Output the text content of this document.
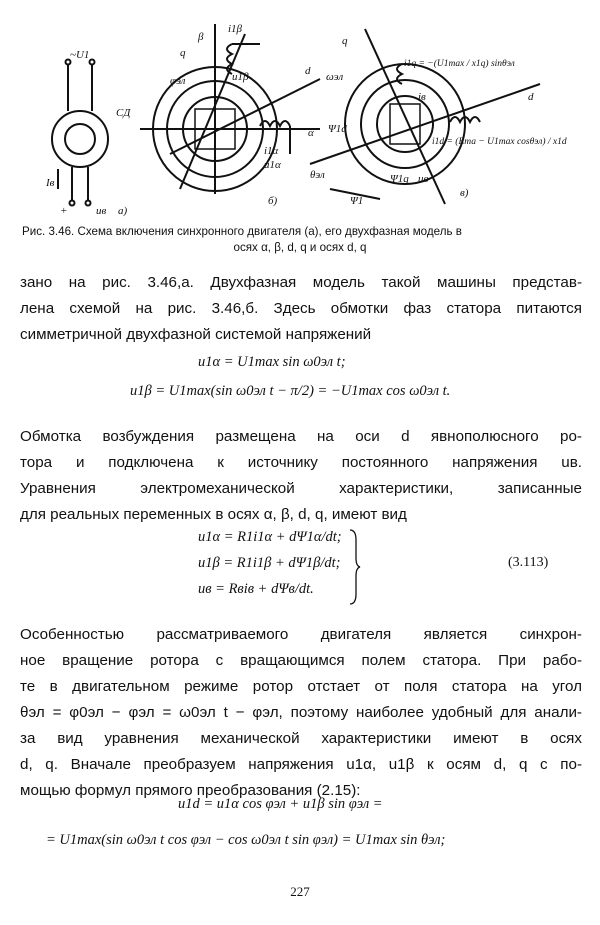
~U1
СД
Iв
+	uв а)
β
q
i1β
u1β
φэл
d
α
i1α
u1α
б)
q
ωэл
i1q = −(U1max / x1q) sinθэл
iв
Ψ1d
i1d = (Eта − U1max cosθэл) / x1d
θэл	Ψ1q
Ψ1
uв
d
в)
Рис. 3.46. Схема включения синхронного двигателя (а), его двухфазная модель в
осях α, β, d, q и осях d, q
зано на рис. 3.46,а. Двухфазная модель такой машины представ-
лена схемой на рис. 3.46,б. Здесь обмотки фаз статора питаются
симметричной двухфазной системой напряжений
u1α = U1max sin ω0эл t;
u1β = U1max(sin ω0эл t − π/2) = −U1max cos ω0эл t.
Обмотка возбуждения размещена на оси d явнополюсного ро-
тора и подключена к источнику постоянного напряжения uв.
Уравнения электромеханической характеристики, записанные
для реальных переменных в осях α, β, d, q, имеют вид
u1α = R1i1α + dΨ1α/dt;
u1β = R1i1β + dΨ1β/dt;
uв = Rвiв + dΨв/dt.
(3.113)
Особенностью рассматриваемого двигателя является синхрон-
ное вращение ротора с вращающимся полем статора. При рабо-
те в двигательном режиме ротор отстает от поля статора на угол
θэл = φ0эл − φэл = ω0эл t − φэл, поэтому наиболее удобный для анали-
за вид уравнения механической характеристики имеют в осях
d, q. Вначале преобразуем напряжения u1α, u1β к осям d, q с по-
мощью формул прямого преобразования (2.15):
u1d = u1α cos φэл + u1β sin φэл =
= U1max(sin ω0эл t cos φэл − cos ω0эл t sin φэл) = U1max sin θэл;
227
